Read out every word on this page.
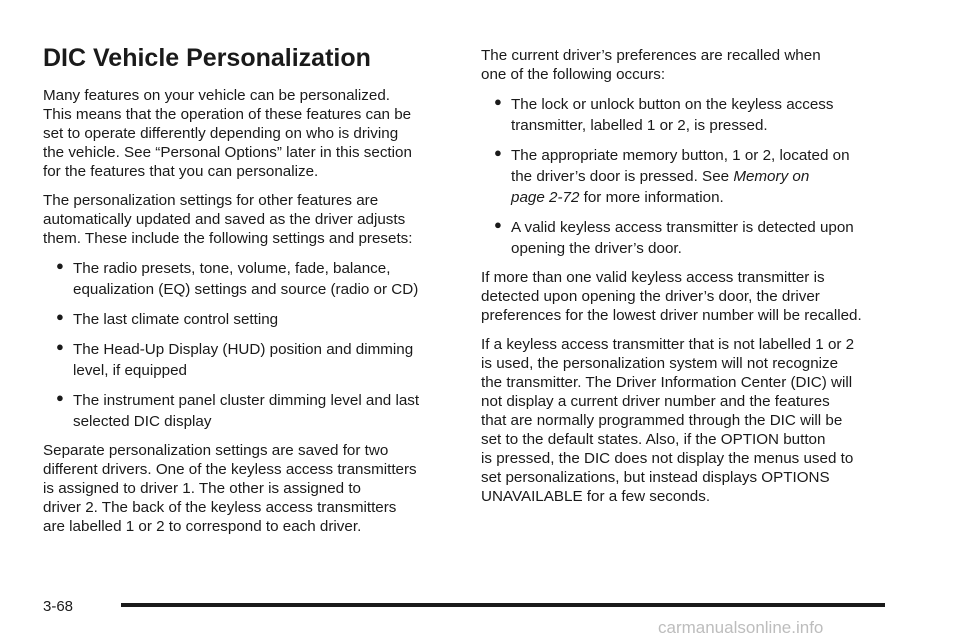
DIC Vehicle Personalization

Many features on your vehicle can be personalized.
This means that the operation of these features can be
set to operate differently depending on who is driving
the vehicle. See “Personal Options” later in this section
for the features that you can personalize.

The personalization settings for other features are
automatically updated and saved as the driver adjusts
them. These include the following settings and presets:

● The radio presets, tone, volume, fade, balance,
equalization (EQ) settings and source (radio or CD)
● The last climate control setting
● The Head-Up Display (HUD) position and dimming
level, if equipped
● The instrument panel cluster dimming level and last
selected DIC display

Separate personalization settings are saved for two
different drivers. One of the keyless access transmitters
is assigned to driver 1. The other is assigned to
driver 2. The back of the keyless access transmitters
are labelled 1 or 2 to correspond to each driver.

The current driver’s preferences are recalled when
one of the following occurs:

● The lock or unlock button on the keyless access
transmitter, labelled 1 or 2, is pressed.
● The appropriate memory button, 1 or 2, located on
the driver’s door is pressed. See Memory on
page 2-72 for more information.
● A valid keyless access transmitter is detected upon
opening the driver’s door.

If more than one valid keyless access transmitter is
detected upon opening the driver’s door, the driver
preferences for the lowest driver number will be recalled.

If a keyless access transmitter that is not labelled 1 or 2
is used, the personalization system will not recognize
the transmitter. The Driver Information Center (DIC) will
not display a current driver number and the features
that are normally programmed through the DIC will be
set to the default states. Also, if the OPTION button
is pressed, the DIC does not display the menus used to
set personalizations, but instead displays OPTIONS
UNAVAILABLE for a few seconds.

3-68
carmanualsonline.info
